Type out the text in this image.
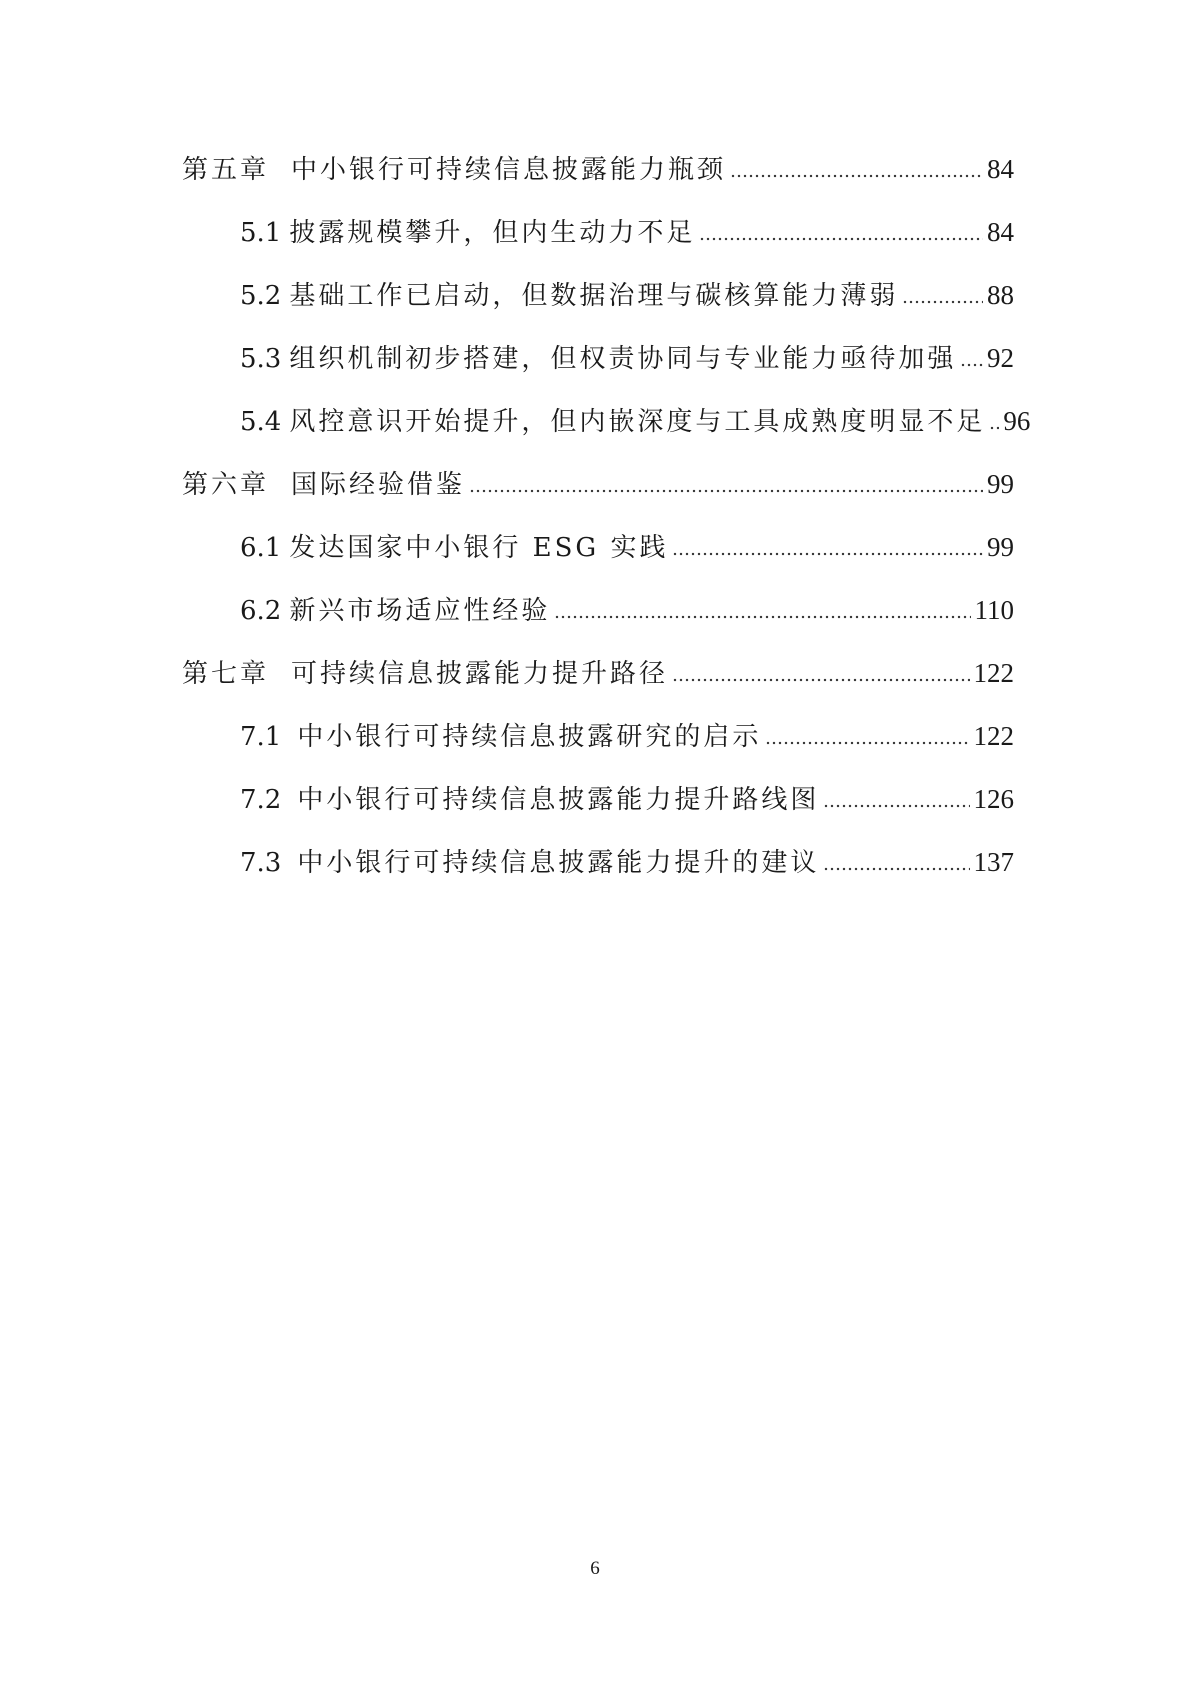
第五章 中小银行可持续信息披露能力瓶颈	84
5.1 披露规模攀升，但内生动力不足	84
5.2 基础工作已启动，但数据治理与碳核算能力薄弱	88
5.3 组织机制初步搭建，但权责协同与专业能力亟待加强 92
5.4 风控意识开始提升，但内嵌深度与工具成熟度明显不足 96
第六章 国际经验借鉴	99
6.1 发达国家中小银行 ESG 实践	99
6.2 新兴市场适应性经验	110
第七章 可持续信息披露能力提升路径	122
7.1 中小银行可持续信息披露研究的启示	122
7.2 中小银行可持续信息披露能力提升路线图	126
7.3 中小银行可持续信息披露能力提升的建议	137
6
